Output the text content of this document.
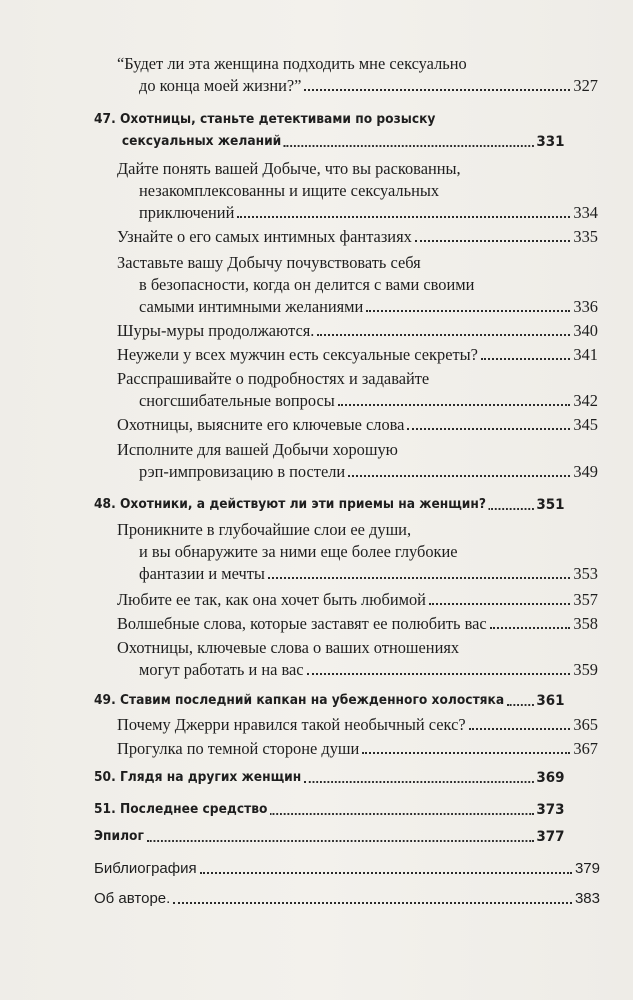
“Будет ли эта женщина подходить мне сексуально
до конца моей жизни?”	327
47. Охотницы, станьте детективами по розыску
сексуальных желаний	331
Дайте понять вашей Добыче, что вы раскованны,
незакомплексованны и ищите сексуальных
приключений	334
Узнайте о его самых интимных фантазиях	335
Заставьте вашу Добычу почувствовать себя
в безопасности, когда он делится с вами своими
самыми интимными желаниями	336
Шуры-муры продолжаются.	340
Неужели у всех мужчин есть сексуальные секреты?	341
Расспрашивайте о подробностях и задавайте
сногсшибательные вопросы	342
Охотницы, выясните его ключевые слова	345
Исполните для вашей Добычи хорошую
рэп-импровизацию в постели	349
48. Охотники, а действуют ли эти приемы на женщин?	351
Проникните в глубочайшие слои ее души,
и вы обнаружите за ними еще более глубокие
фантазии и мечты	353
Любите ее так, как она хочет быть любимой	357
Волшебные слова, которые заставят ее полюбить вас	358
Охотницы, ключевые слова о ваших отношениях
могут работать и на вас	359
49. Ставим последний капкан на убежденного холостяка 361
Почему Джерри нравился такой необычный секс?	365
Прогулка по темной стороне души	367
50. Глядя на других женщин	369
51. Последнее средство	373
Эпилог	377
Библиография	379
Об авторе.	383
